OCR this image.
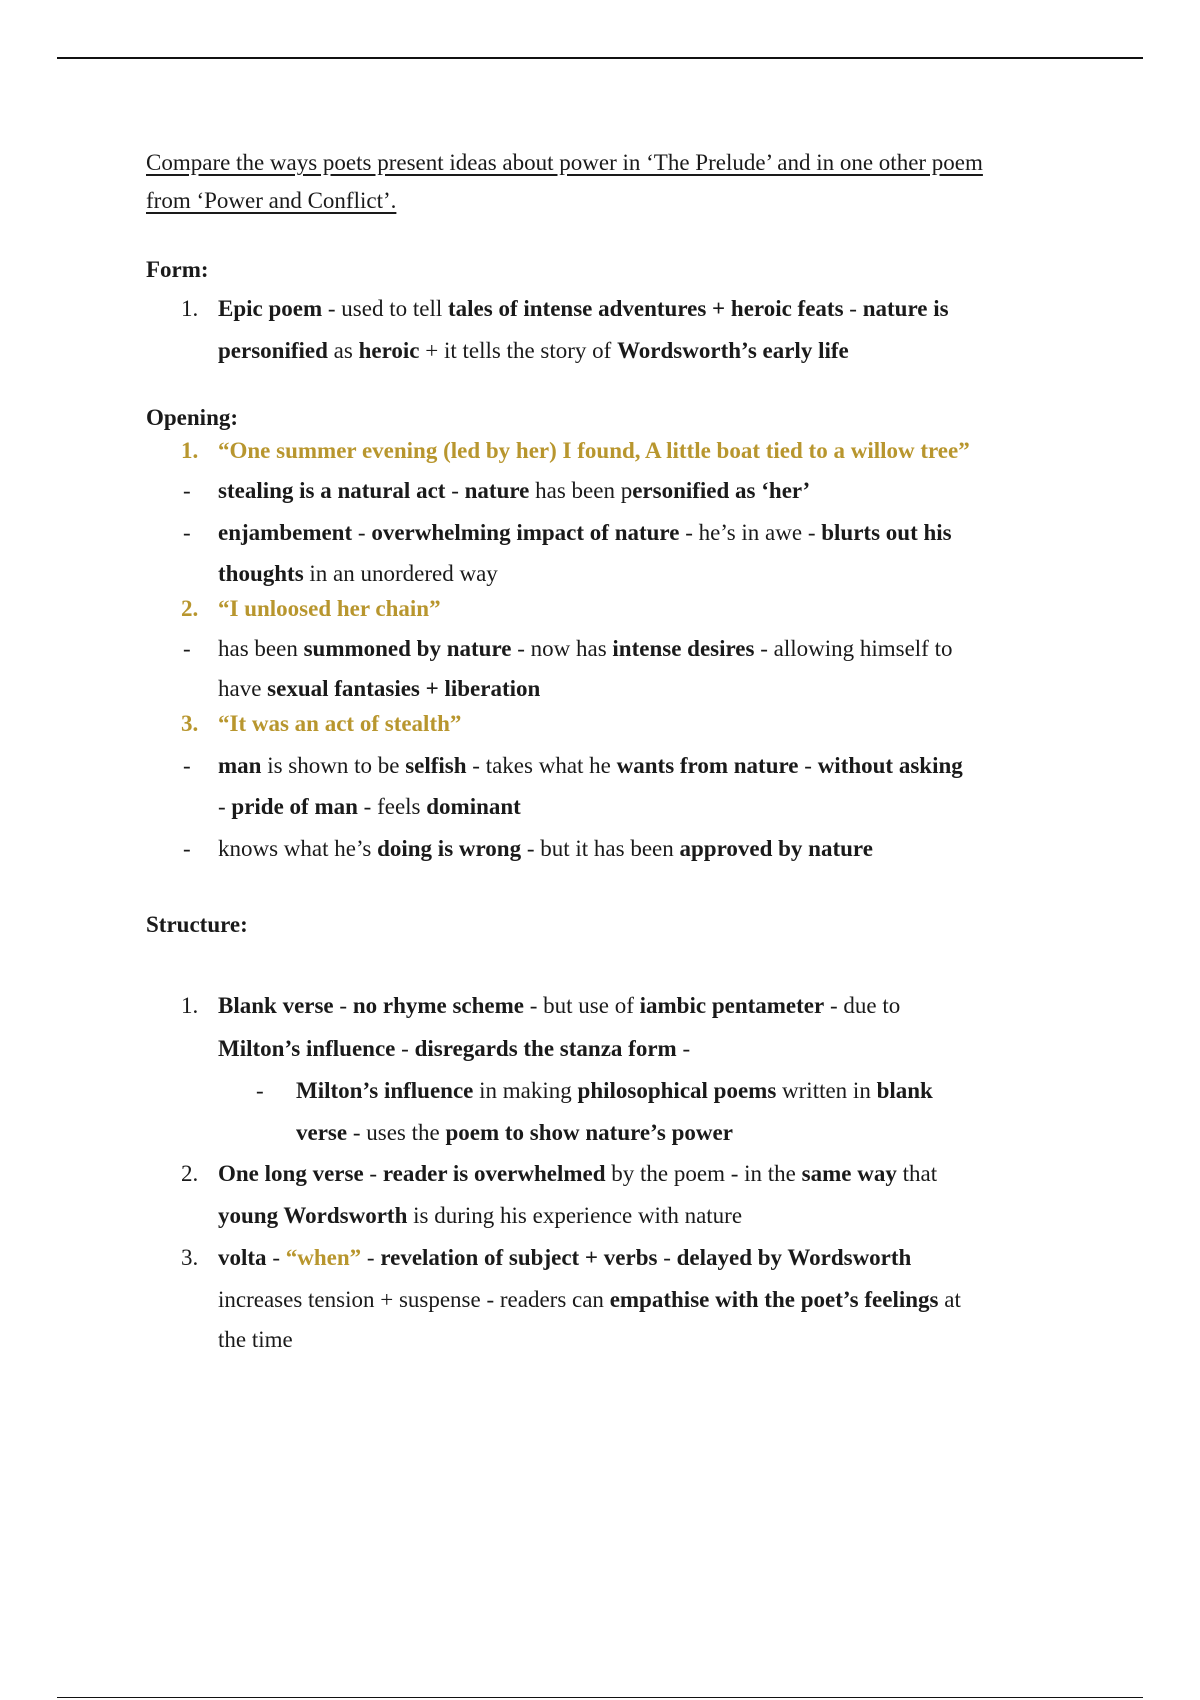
Compare the ways poets present ideas about power in ‘The Prelude’ and in one other poem
from ‘Power and Conflict’.
Form:
1. Epic poem - used to tell tales of intense adventures + heroic feats - nature is
personified as heroic + it tells the story of Wordsworth’s early life
Opening:
1. “One summer evening (led by her) I found, A little boat tied to a willow tree”
-	stealing is a natural act - nature has been personified as ‘her’
-	enjambement - overwhelming impact of nature - he’s in awe - blurts out his
thoughts in an unordered way
2. “I unloosed her chain”
-	has been summoned by nature - now has intense desires - allowing himself to
have sexual fantasies + liberation
3. “It was an act of stealth”
-	man is shown to be selfish - takes what he wants from nature - without asking
- pride of man - feels dominant
-	knows what he’s doing is wrong - but it has been approved by nature
Structure:
1. Blank verse - no rhyme scheme - but use of iambic pentameter - due to
Milton’s influence - disregards the stanza form -
-	Milton’s influence in making philosophical poems written in blank
verse - uses the poem to show nature’s power
2. One long verse - reader is overwhelmed by the poem - in the same way that
young Wordsworth is during his experience with nature
3. volta - “when” - revelation of subject + verbs - delayed by Wordsworth
increases tension + suspense - readers can empathise with the poet’s feelings at
the time
